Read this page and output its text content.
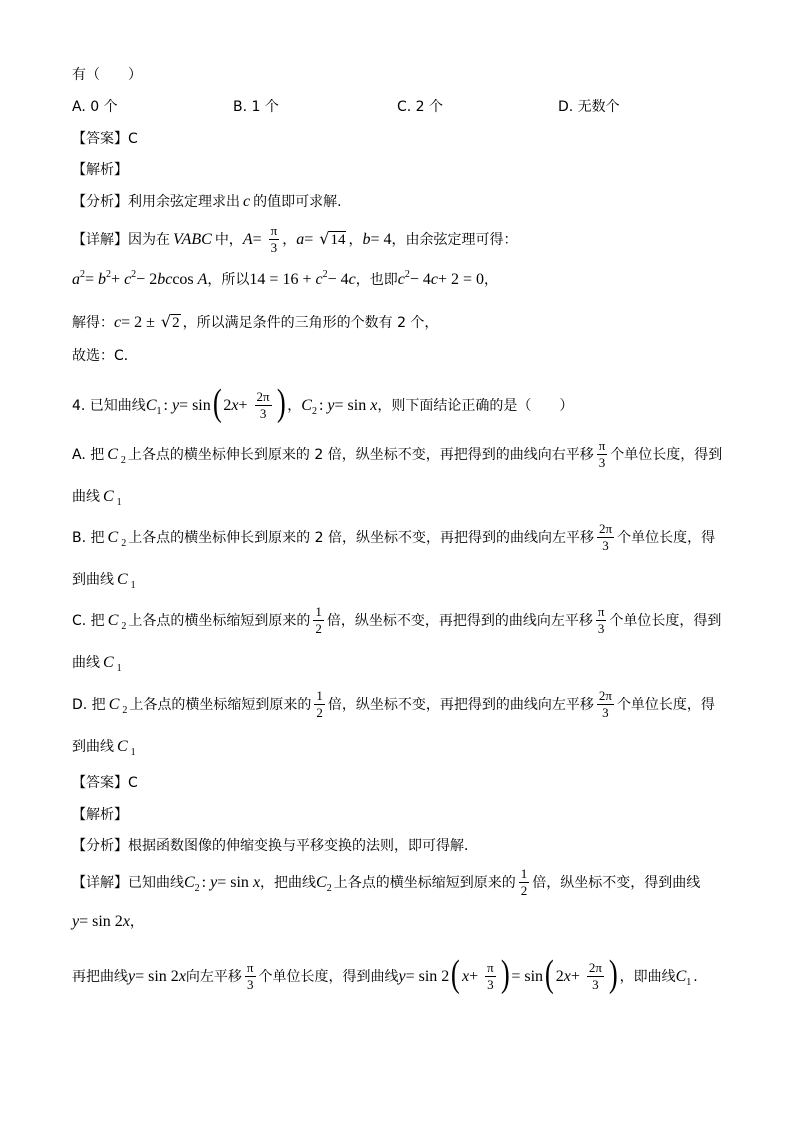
有（　　）
A. 0 个	B. 1 个	C. 2 个	D. 无数个
【答案】 C
【解析】
【分析】 利用余弦定理求出 c 的值即可求解.
【详解】 因为在 VABC 中， $A = \frac{\pi}{3}$ ， a = √14 ， b = 4 ，由余弦定理可得：
a $^2$ = b $^2$ + c $^2$ − 2 bc cos A ，所以 14 = 16 + c $^2$ − 4 c ，也即 c $^2$ − 4 c + 2 = 0 ，
解得： c = 2 ± √2 ，所以满足条件的三角形的个数有 2 个，
故选：C．
4. 已知曲线 C $_1$ : y = sin ( 2 $x + \frac{2\pi}{3}$ ) ， C $_2$ : y = sin x ，则下面结论正确的是（　　）
A. 把 C $_2$ 上各点的横坐标伸长到原来的 2 倍，纵坐标不变，再把得到的曲线向右平移 $\frac{\pi}{3}$ 个单位长度，得到
曲线 C $_1$
B. 把 C $_2$ 上各点的横坐标伸长到原来的 2 倍，纵坐标不变，再把得到的曲线向左平移 $\frac{2\pi}{3}$ 个单位长度，得
到曲线 C $_1$
C. 把 C $_2$ 上各点的横坐标缩短到原来的 $\frac{1}{2}$ 倍，纵坐标不变，再把得到的曲线向左平移 $\frac{\pi}{3}$ 个单位长度，得到
曲线 C $_1$
D. 把 C $_2$ 上各点的横坐标缩短到原来的 $\frac{1}{2}$ 倍，纵坐标不变，再把得到的曲线向左平移 $\frac{2\pi}{3}$ 个单位长度，得
到曲线 C $_1$
【答案】 C
【解析】
【分析】 根据函数图像的伸缩变换与平移变换的法则，即可得解．
【详解】 已知曲线 C $_2$ : y = sin x ，把曲线 C $_2$ 上各点的横坐标缩短到原来的 $\frac{1}{2}$ 倍，纵坐标不变，得到曲线
y = sin 2 x ，
再把曲线 y = sin 2 x 向左平移 $\frac{\pi}{3}$ 个单位长度，得到曲线 y = sin 2 ( $x + \frac{\pi}{3}$ ) = sin ( 2 $x + \frac{2\pi}{3}$ ) ，即曲线 C $_1$ .
